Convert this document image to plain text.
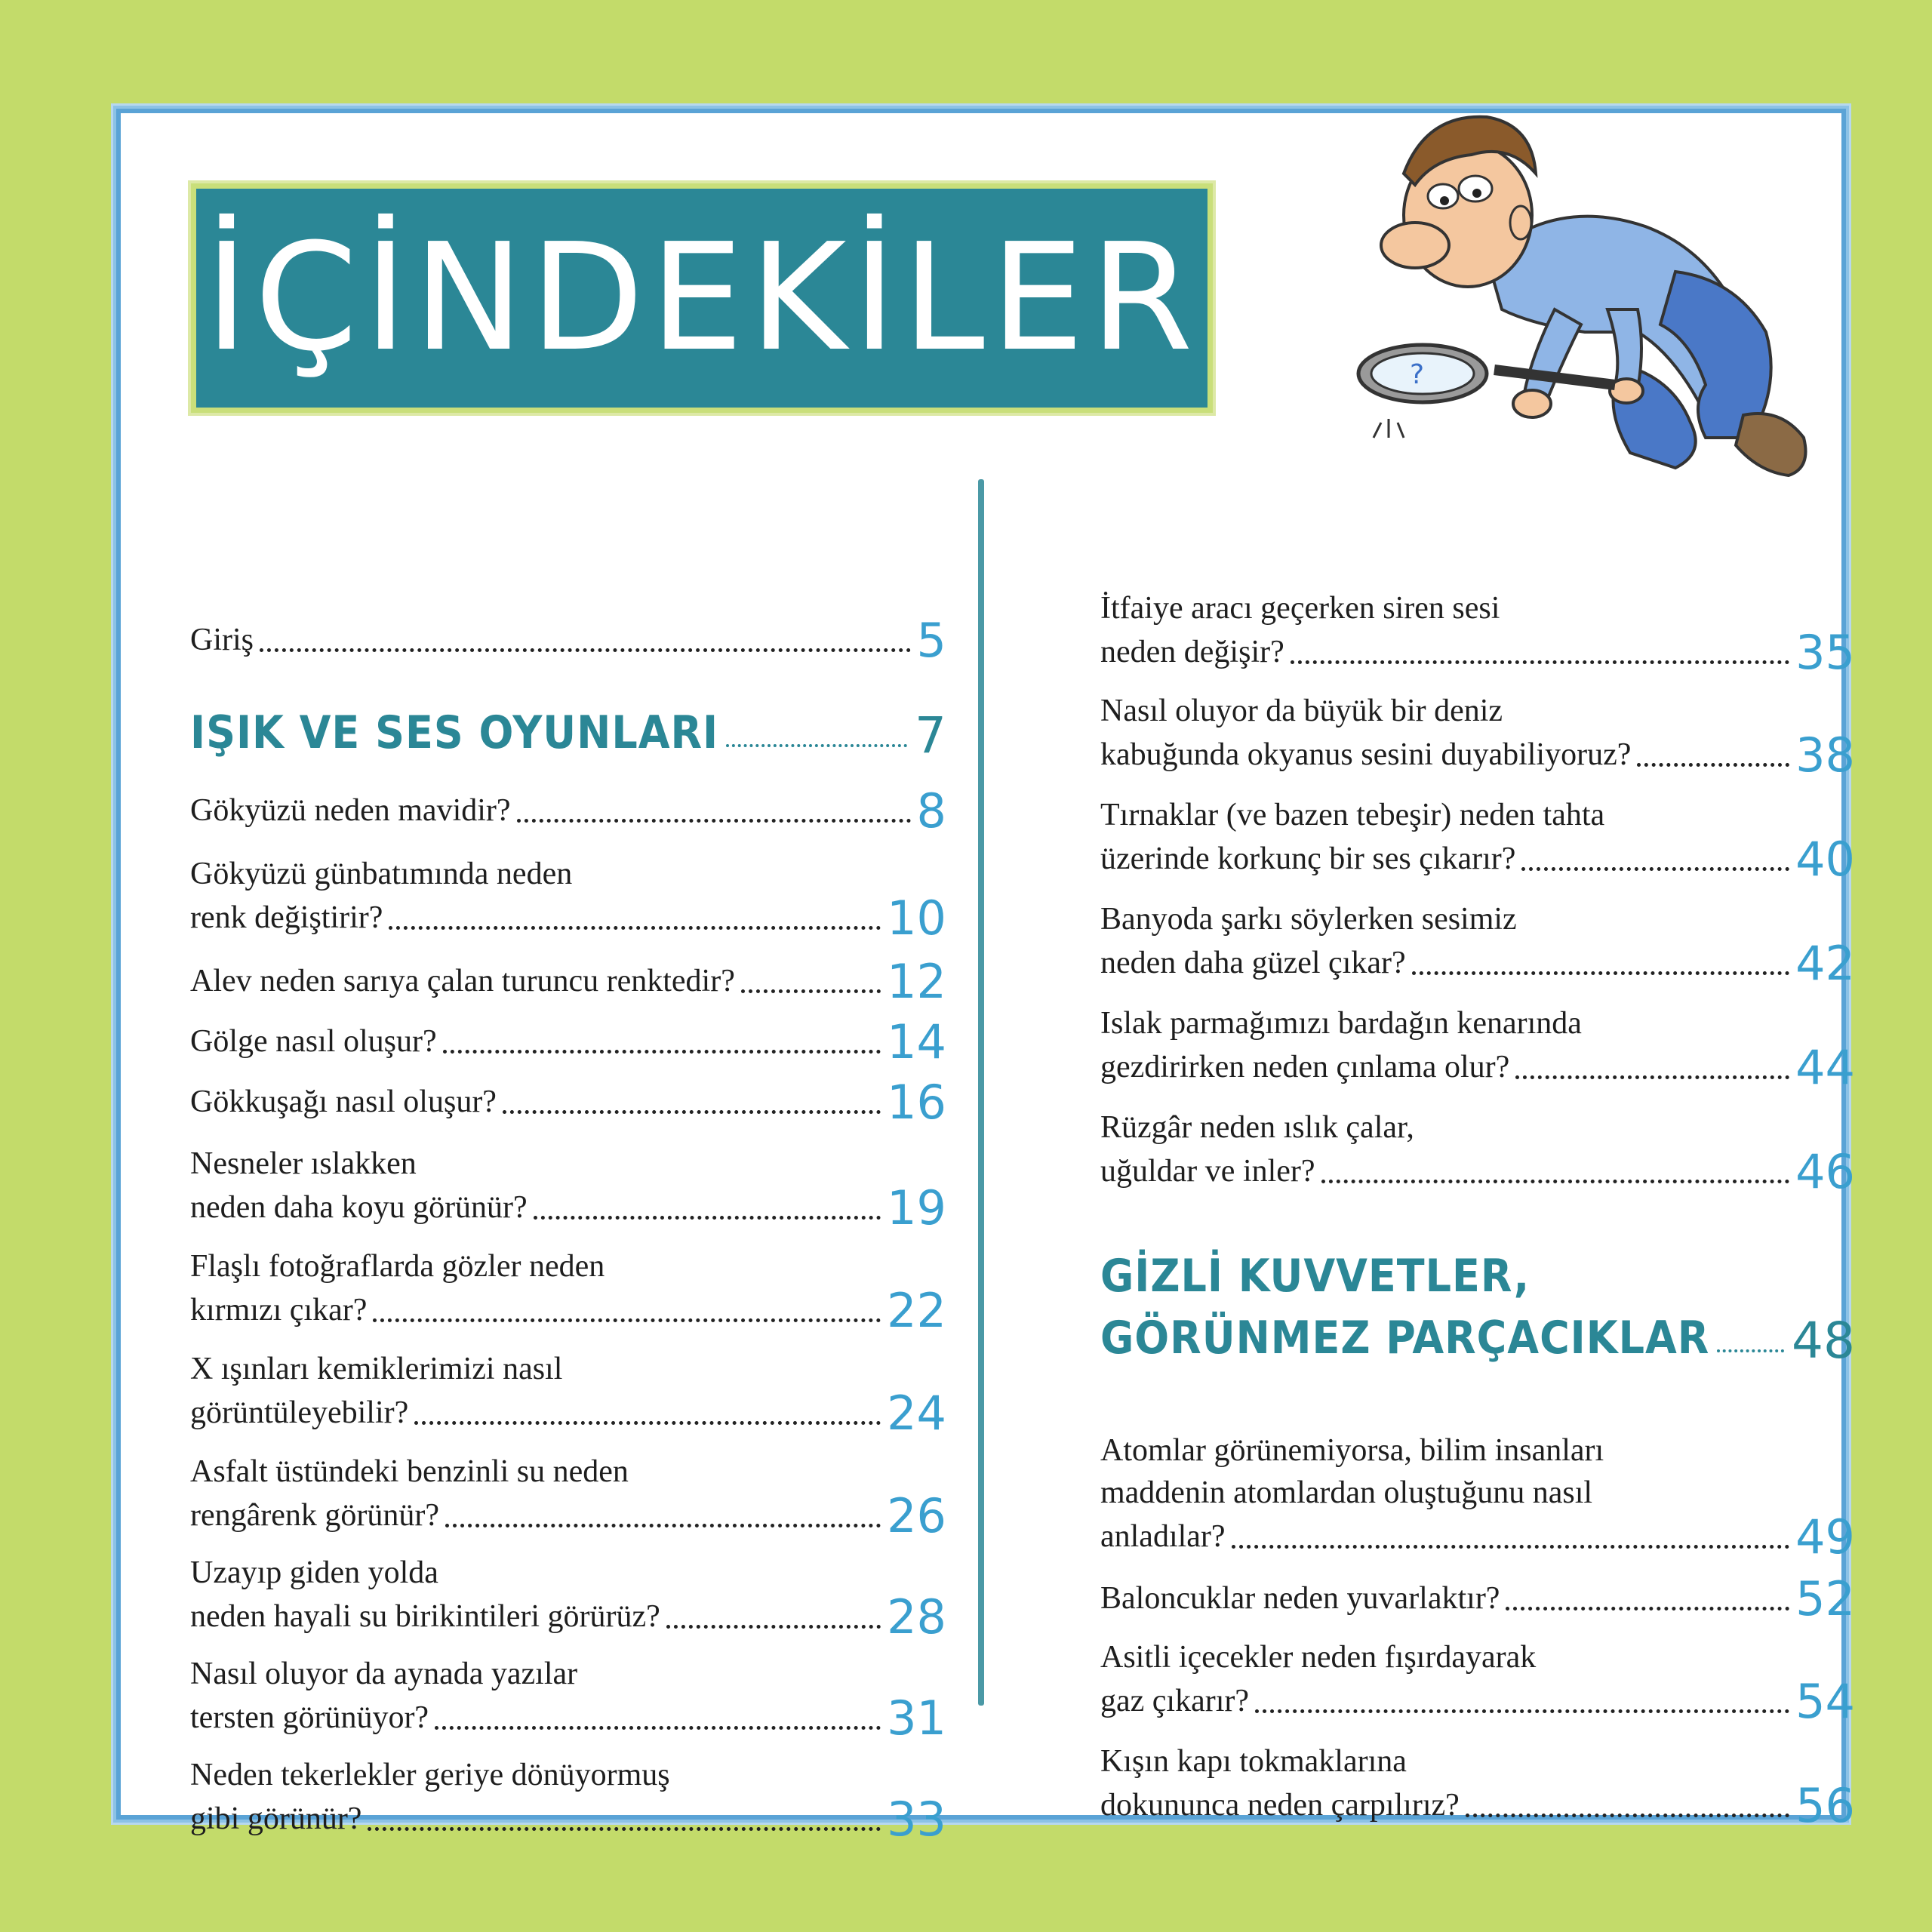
İÇİNDEKİLER	?
Giriş	5
IŞIK VE SES OYUNLARI	7
Gökyüzü neden mavidir?	8
Gökyüzü günbatımında neden
renk değiştirir?	10
Alev neden sarıya çalan turuncu renktedir?	12
Gölge nasıl oluşur?	14
Gökkuşağı nasıl oluşur?	16
Nesneler ıslakken
neden daha koyu görünür?	19
Flaşlı fotoğraflarda gözler neden
kırmızı çıkar?	22
X ışınları kemiklerimizi nasıl
görüntüleyebilir?	24
Asfalt üstündeki benzinli su neden
rengârenk görünür?	26
Uzayıp giden yolda
neden hayali su birikintileri görürüz?	28
Nasıl oluyor da aynada yazılar
tersten görünüyor?	31
Neden tekerlekler geriye dönüyormuş
gibi görünür?	33
İtfaiye aracı geçerken siren sesi
neden değişir?	35
Nasıl oluyor da büyük bir deniz
kabuğunda okyanus sesini duyabiliyoruz?	38
Tırnaklar (ve bazen tebeşir) neden tahta
üzerinde korkunç bir ses çıkarır?	40
Banyoda şarkı söylerken sesimiz
neden daha güzel çıkar?	42
Islak parmağımızı bardağın kenarında
gezdirirken neden çınlama olur?	44
Rüzgâr neden ıslık çalar,
uğuldar ve inler?	46
GİZLİ KUVVETLER,
GÖRÜNMEZ PARÇACIKLAR 48
Atomlar görünemiyorsa, bilim insanları
maddenin atomlardan oluştuğunu nasıl
anladılar?	49
Baloncuklar neden yuvarlaktır?	52
Asitli içecekler neden fışırdayarak
gaz çıkarır?	54
Kışın kapı tokmaklarına
dokununca neden çarpılırız?	56
